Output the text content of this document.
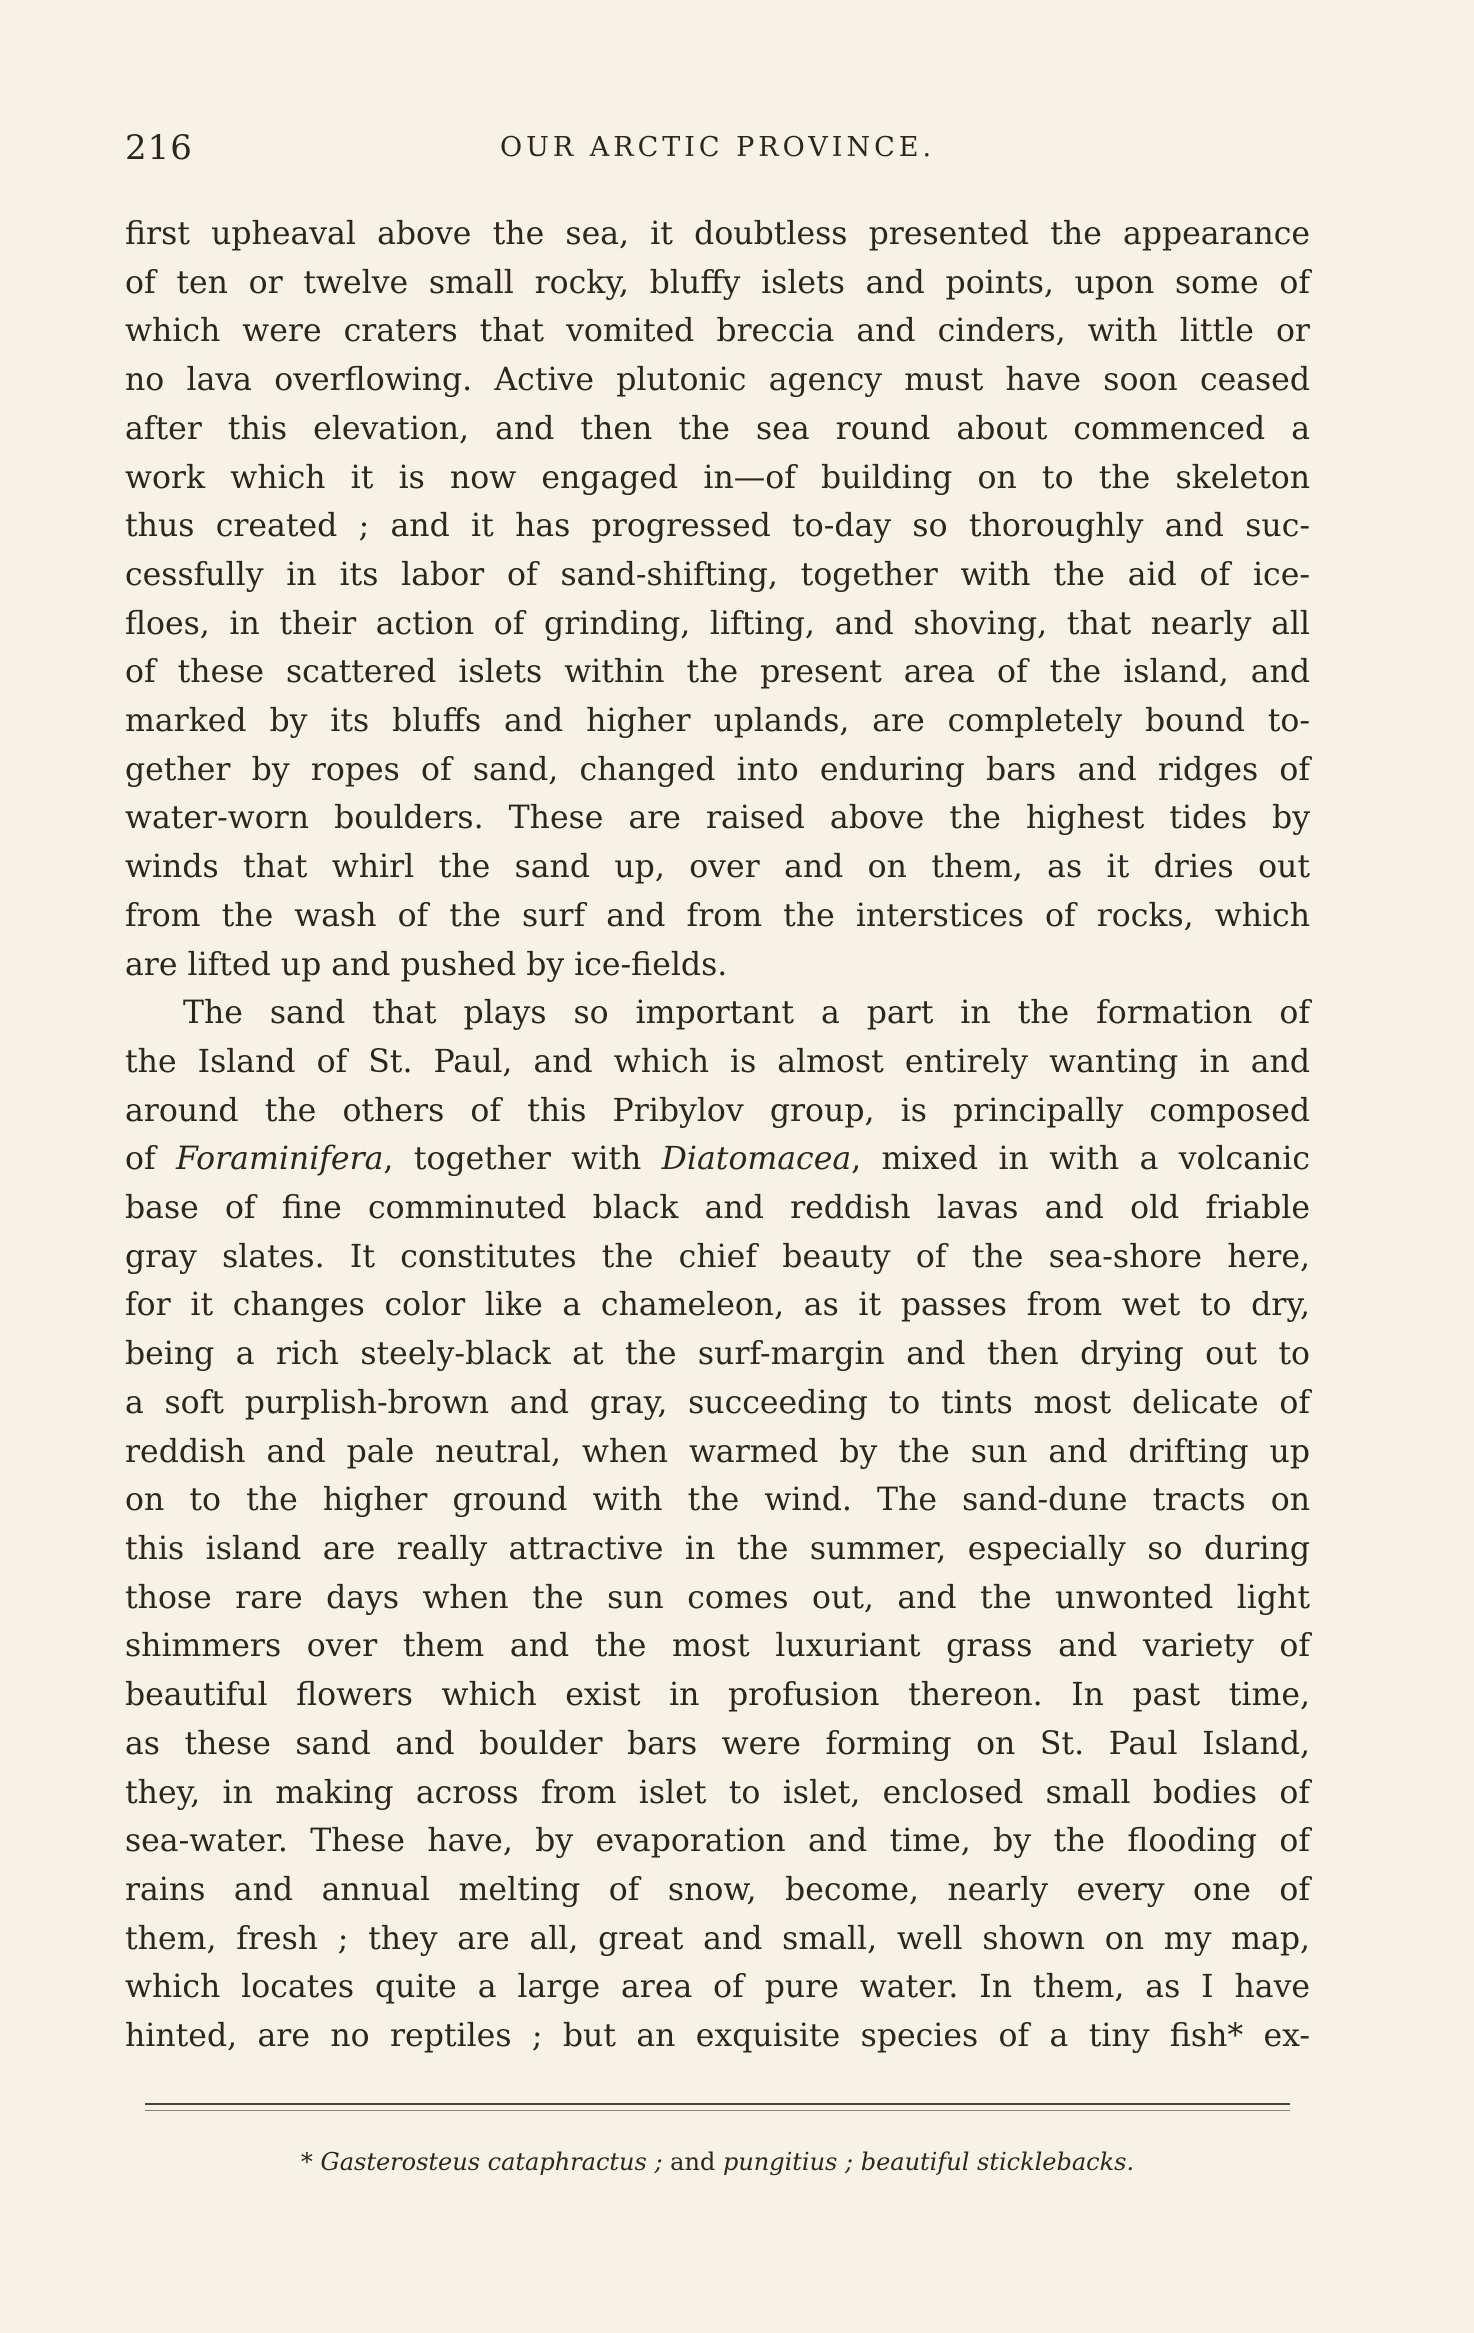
216	OUR ARCTIC PROVINCE.
first upheaval above the sea, it doubtless presented the appearance
of ten or twelve small rocky, bluffy islets and points, upon some of
which were craters that vomited breccia and cinders, with little or
no lava overflowing. Active plutonic agency must have soon ceased
after this elevation, and then the sea round about commenced a
work which it is now engaged in—of building on to the skeleton
thus created ; and it has progressed to-day so thoroughly and suc-
cessfully in its labor of sand-shifting, together with the aid of ice-
floes, in their action of grinding, lifting, and shoving, that nearly all
of these scattered islets within the present area of the island, and
marked by its bluffs and higher uplands, are completely bound to-
gether by ropes of sand, changed into enduring bars and ridges of
water-worn boulders. These are raised above the highest tides by
winds that whirl the sand up, over and on them, as it dries out
from the wash of the surf and from the interstices of rocks, which
are lifted up and pushed by ice-fields.
The sand that plays so important a part in the formation of
the Island of St. Paul, and which is almost entirely wanting in and
around the others of this Pribylov group, is principally composed
of Foraminifera, together with Diatomacea, mixed in with a volcanic
base of fine comminuted black and reddish lavas and old friable
gray slates. It constitutes the chief beauty of the sea-shore here,
for it changes color like a chameleon, as it passes from wet to dry,
being a rich steely-black at the surf-margin and then drying out to
a soft purplish-brown and gray, succeeding to tints most delicate of
reddish and pale neutral, when warmed by the sun and drifting up
on to the higher ground with the wind. The sand-dune tracts on
this island are really attractive in the summer, especially so during
those rare days when the sun comes out, and the unwonted light
shimmers over them and the most luxuriant grass and variety of
beautiful flowers which exist in profusion thereon. In past time,
as these sand and boulder bars were forming on St. Paul Island,
they, in making across from islet to islet, enclosed small bodies of
sea-water. These have, by evaporation and time, by the flooding of
rains and annual melting of snow, become, nearly every one of
them, fresh ; they are all, great and small, well shown on my map,
which locates quite a large area of pure water. In them, as I have
hinted, are no reptiles ; but an exquisite species of a tiny fish* ex-
* Gasterosteus cataphractus ; and pungitius ; beautiful sticklebacks.
